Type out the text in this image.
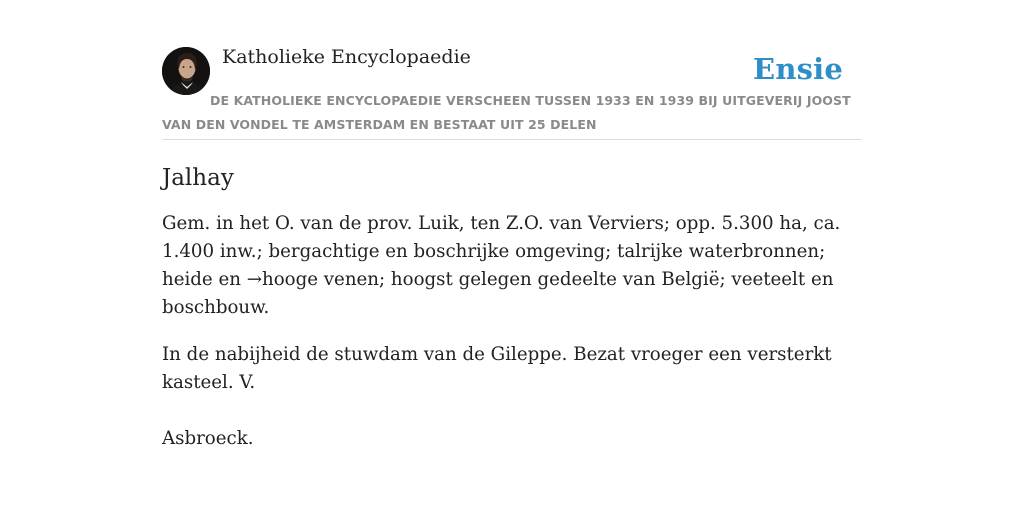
Katholieke Encyclopaedie	Ensie
DE KATHOLIEKE ENCYCLOPAEDIE VERSCHEEN TUSSEN 1933 EN 1939 BIJ UITGEVERIJ JOOST VAN DEN VONDEL TE AMSTERDAM EN BESTAAT UIT 25 DELEN
Jalhay

Gem. in het O. van de prov. Luik, ten Z.O. van Verviers; opp. 5.300 ha, ca. 1.400 inw.; bergachtige en boschrijke omgeving; talrijke waterbronnen; heide en →hooge venen; hoogst gelegen gedeelte van België; veeteelt en boschbouw.

In de nabijheid de stuwdam van de Gileppe. Bezat vroeger een versterkt kasteel. V.

Asbroeck.
